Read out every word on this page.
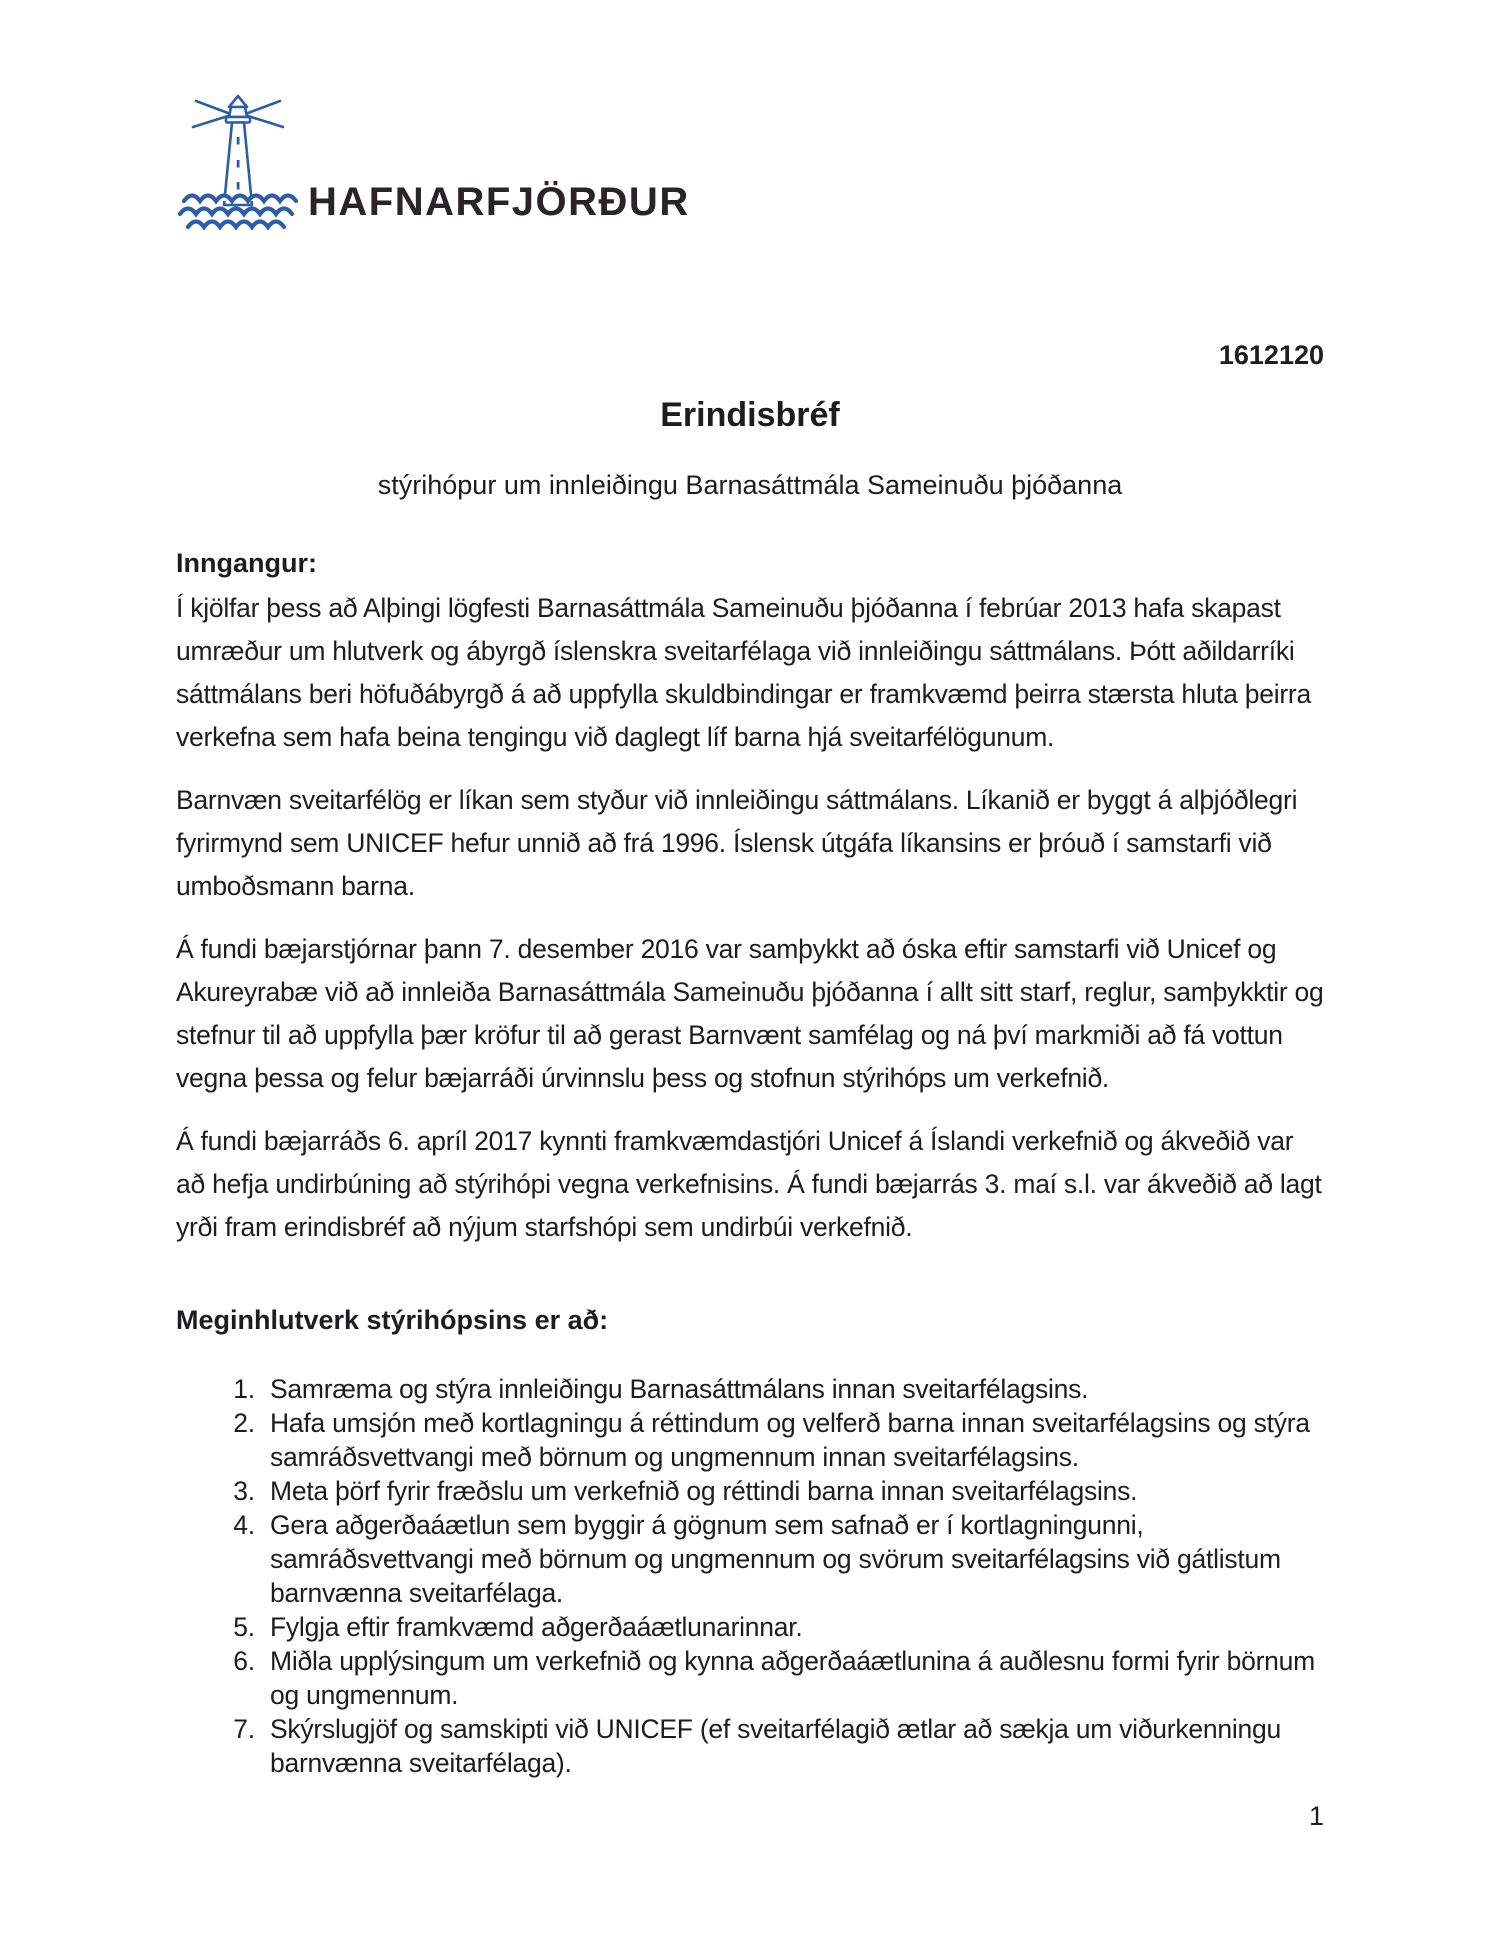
HAFNARFJÖRÐUR
1612120
Erindisbréf
stýrihópur um innleiðingu Barnasáttmála Sameinuðu þjóðanna
Inngangur:

Í kjölfar þess að Alþingi lögfesti Barnasáttmála Sameinuðu þjóðanna í febrúar 2013 hafa skapast umræður um hlutverk og ábyrgð íslenskra sveitarfélaga við innleiðingu sáttmálans. Þótt aðildarríki sáttmálans beri höfuðábyrgð á að uppfylla skuldbindingar er framkvæmd þeirra stærsta hluta þeirra verkefna sem hafa beina tengingu við daglegt líf barna hjá sveitarfélögunum.

Barnvæn sveitarfélög er líkan sem styður við innleiðingu sáttmálans. Líkanið er byggt á alþjóðlegri fyrirmynd sem UNICEF hefur unnið að frá 1996. Íslensk útgáfa líkansins er þróuð í samstarfi við umboðsmann barna.

Á fundi bæjarstjórnar þann 7. desember 2016 var samþykkt að óska eftir samstarfi við Unicef og Akureyrabæ við að innleiða Barnasáttmála Sameinuðu þjóðanna í allt sitt starf, reglur, samþykktir og stefnur til að uppfylla þær kröfur til að gerast Barnvænt samfélag og ná því markmiði að fá vottun vegna þessa og felur bæjarráði úrvinnslu þess og stofnun stýrihóps um verkefnið.

Á fundi bæjarráðs 6. apríl 2017 kynnti framkvæmdastjóri Unicef á Íslandi verkefnið og ákveðið var að hefja undirbúning að stýrihópi vegna verkefnisins. Á fundi bæjarrás 3. maí s.l. var ákveðið að lagt yrði fram erindisbréf að nýjum starfshópi sem undirbúi verkefnið.

Meginhlutverk stýrihópsins er að:
1. Samræma og stýra innleiðingu Barnasáttmálans innan sveitarfélagsins.
2. Hafa umsjón með kortlagningu á réttindum og velferð barna innan sveitarfélagsins og stýra samráðsvettvangi með börnum og ungmennum innan sveitarfélagsins.
3. Meta þörf fyrir fræðslu um verkefnið og réttindi barna innan sveitarfélagsins.
4. Gera aðgerðaáætlun sem byggir á gögnum sem safnað er í kortlagningunni, samráðsvettvangi með börnum og ungmennum og svörum sveitarfélagsins við gátlistum barnvænna sveitarfélaga.
5. Fylgja eftir framkvæmd aðgerðaáætlunarinnar.
6. Miðla upplýsingum um verkefnið og kynna aðgerðaáætlunina á auðlesnu formi fyrir börnum og ungmennum.
7. Skýrslugjöf og samskipti við UNICEF (ef sveitarfélagið ætlar að sækja um viðurkenningu barnvænna sveitarfélaga).
1
